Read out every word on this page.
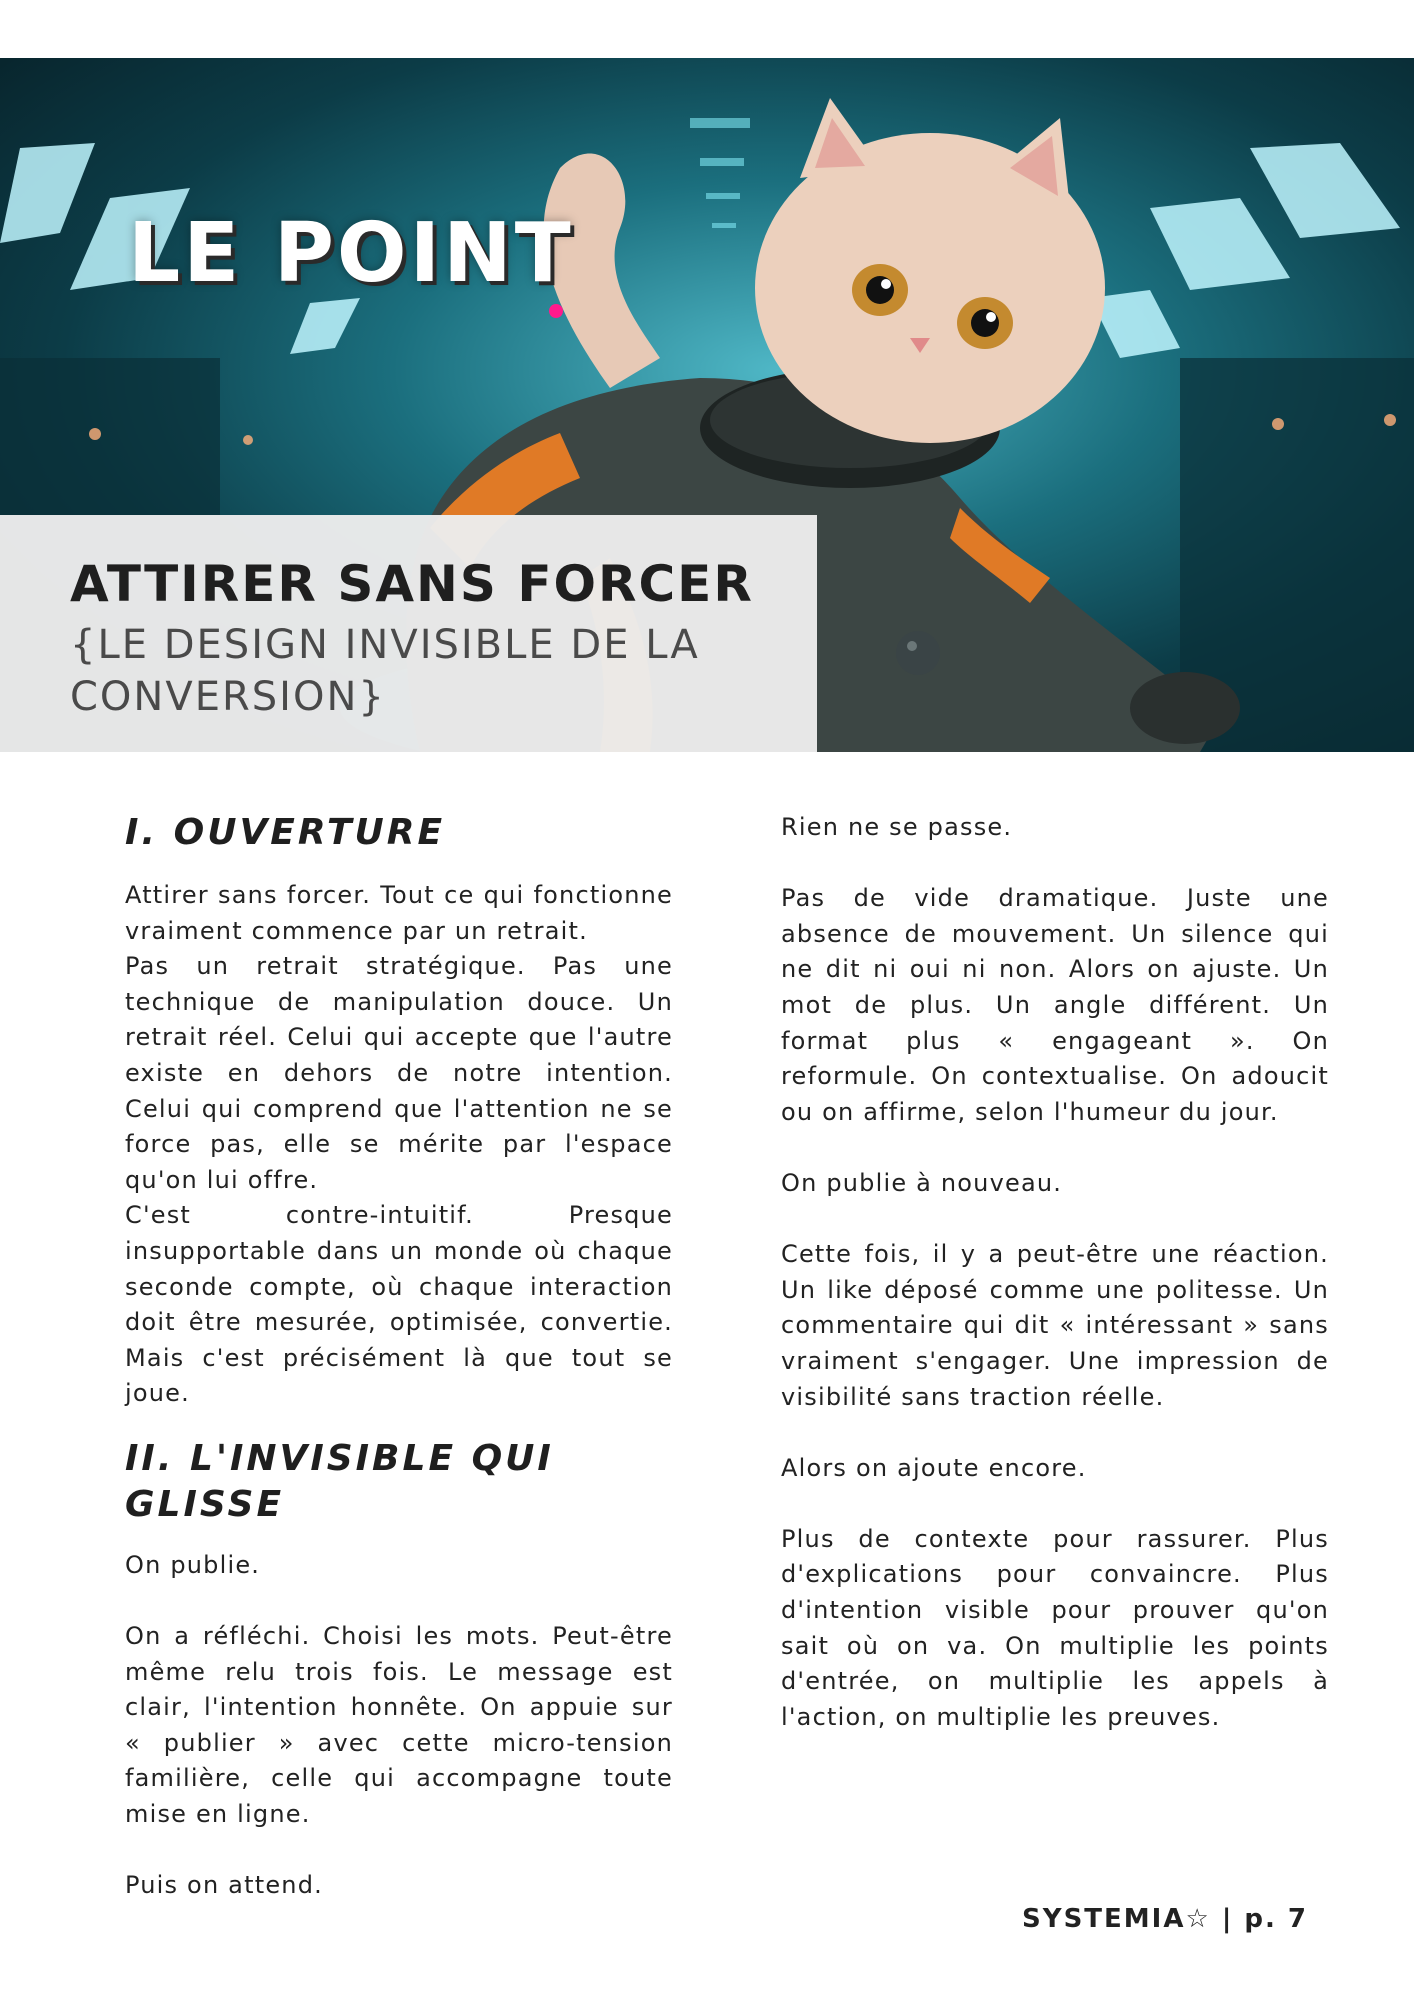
LE POINT
ATTIRER SANS FORCER
{LE DESIGN INVISIBLE DE LA CONVERSION}
I. OUVERTURE

Attirer sans forcer. Tout ce qui fonctionne vraiment commence par un retrait.

Pas un retrait stratégique. Pas une technique de manipulation douce. Un retrait réel. Celui qui accepte que l'autre existe en dehors de notre intention. Celui qui comprend que l'attention ne se force pas, elle se mérite par l'espace qu'on lui offre.

C'est contre-intuitif. Presque insupportable dans un monde où chaque seconde compte, où chaque interaction doit être mesurée, optimisée, convertie. Mais c'est précisément là que tout se joue.

II. L'INVISIBLE QUI GLISSE

On publie.

On a réfléchi. Choisi les mots. Peut-être même relu trois fois. Le message est clair, l'intention honnête. On appuie sur « publier » avec cette micro-tension familière, celle qui accompagne toute mise en ligne.

Puis on attend.

Rien ne se passe.

Pas de vide dramatique. Juste une absence de mouvement. Un silence qui ne dit ni oui ni non. Alors on ajuste. Un mot de plus. Un angle différent. Un format plus « engageant ». On reformule. On contextualise. On adoucit ou on affirme, selon l'humeur du jour.

On publie à nouveau.

Cette fois, il y a peut-être une réaction. Un like déposé comme une politesse. Un commentaire qui dit « intéressant » sans vraiment s'engager. Une impression de visibilité sans traction réelle.

Alors on ajoute encore.

Plus de contexte pour rassurer. Plus d'explications pour convaincre. Plus d'intention visible pour prouver qu'on sait où on va. On multiplie les points d'entrée, on multiplie les appels à l'action, on multiplie les preuves.

SYSTEMIA☆ | p. 7
